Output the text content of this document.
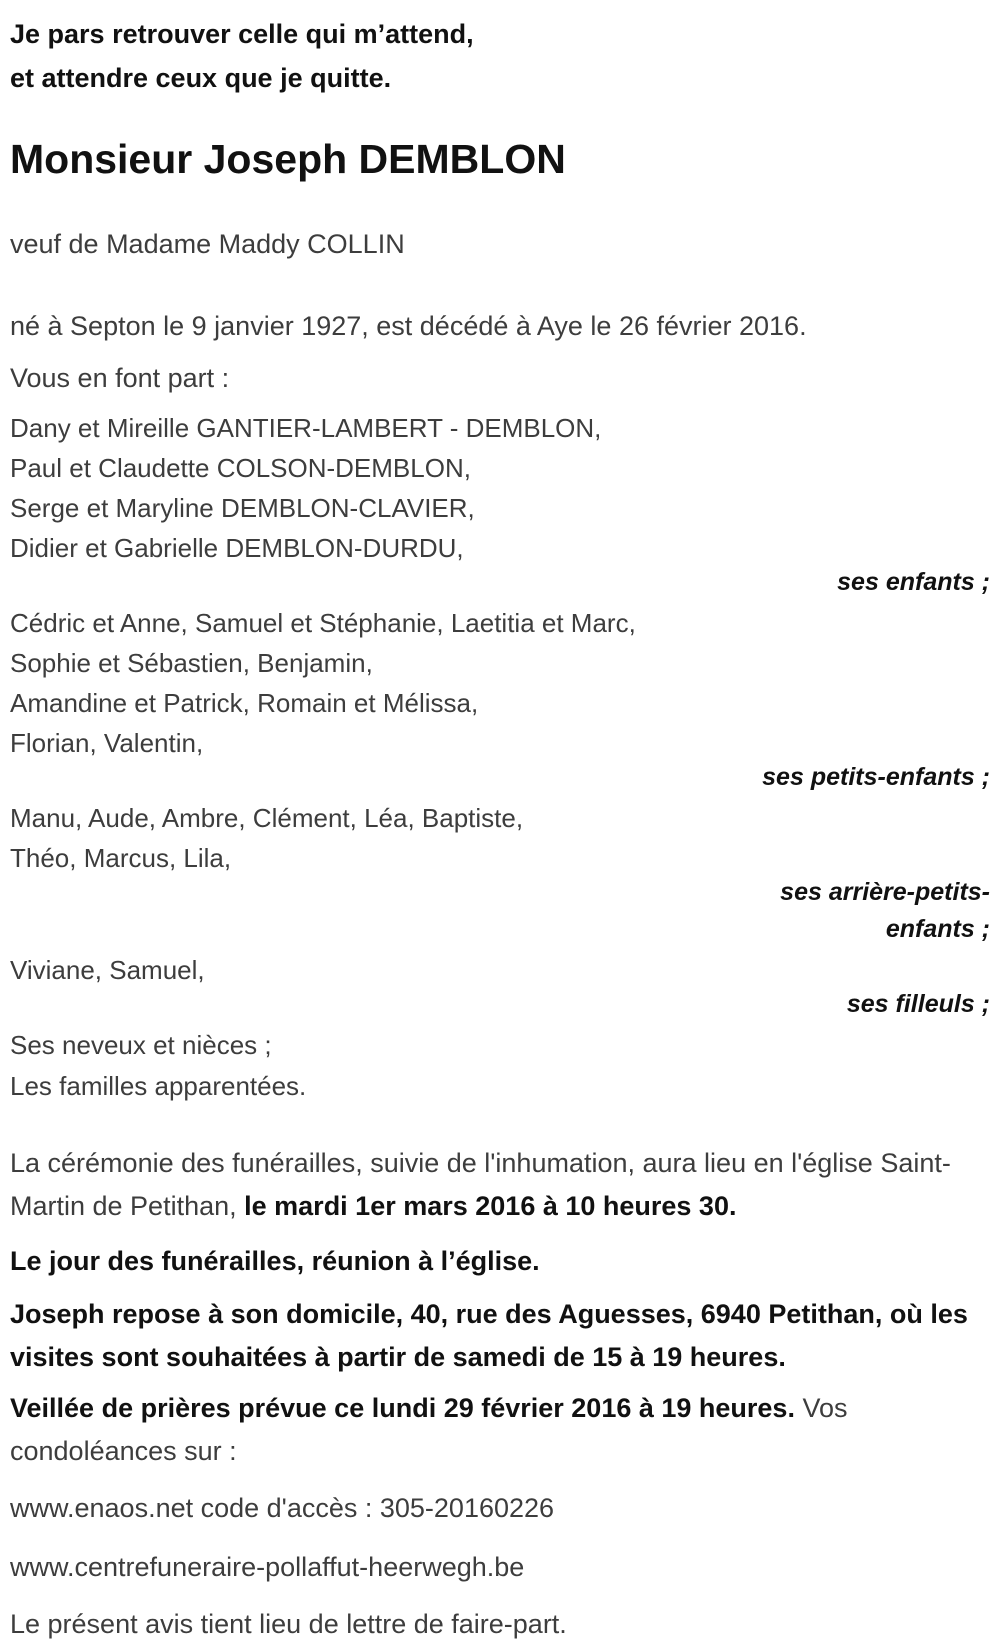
Je pars retrouver celle qui m’attend,

et attendre ceux que je quitte.

Monsieur Joseph DEMBLON

veuf de Madame Maddy COLLIN

né à Septon le 9 janvier 1927, est décédé à Aye le 26 février 2016.

Vous en font part :

Dany et Mireille GANTIER-LAMBERT - DEMBLON,

Paul et Claudette COLSON-DEMBLON,

Serge et Maryline DEMBLON-CLAVIER,

Didier et Gabrielle DEMBLON-DURDU,

ses enfants ;

Cédric et Anne, Samuel et Stéphanie, Laetitia et Marc,

Sophie et Sébastien, Benjamin,

Amandine et Patrick, Romain et Mélissa,

Florian, Valentin,

ses petits-enfants ;

Manu, Aude, Ambre, Clément, Léa, Baptiste,

Théo, Marcus, Lila,

ses arrière-petits-enfants ;

Viviane, Samuel,

ses filleuls ;

Ses neveux et nièces ;

Les familles apparentées.

La cérémonie des funérailles, suivie de l'inhumation, aura lieu en l'église Saint-Martin de Petithan, le mardi 1er mars 2016 à 10 heures 30.

Le jour des funérailles, réunion à l’église.

Joseph repose à son domicile, 40, rue des Aguesses, 6940 Petithan, où les visites sont souhaitées à partir de samedi de 15 à 19 heures.

Veillée de prières prévue ce lundi 29 février 2016 à 19 heures. Vos condoléances sur :

www.enaos.net code d'accès : 305-20160226

www.centrefuneraire-pollaffut-heerwegh.be

Le présent avis tient lieu de lettre de faire-part.
